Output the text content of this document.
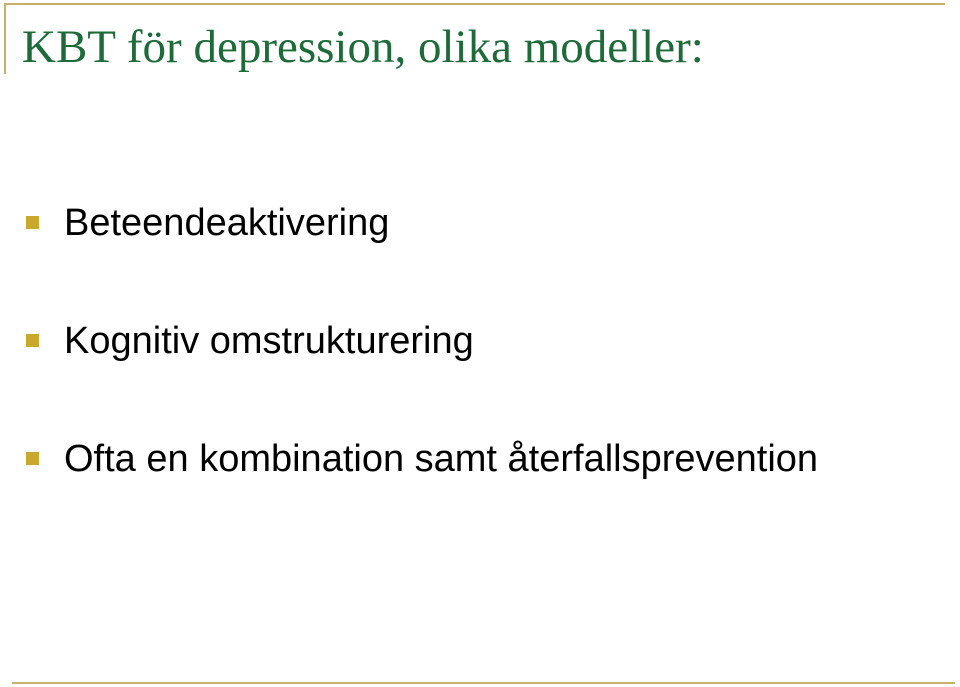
KBT för depression, olika modeller:
Beteendeaktivering
Kognitiv omstrukturering
Ofta en kombination samt återfallsprevention
